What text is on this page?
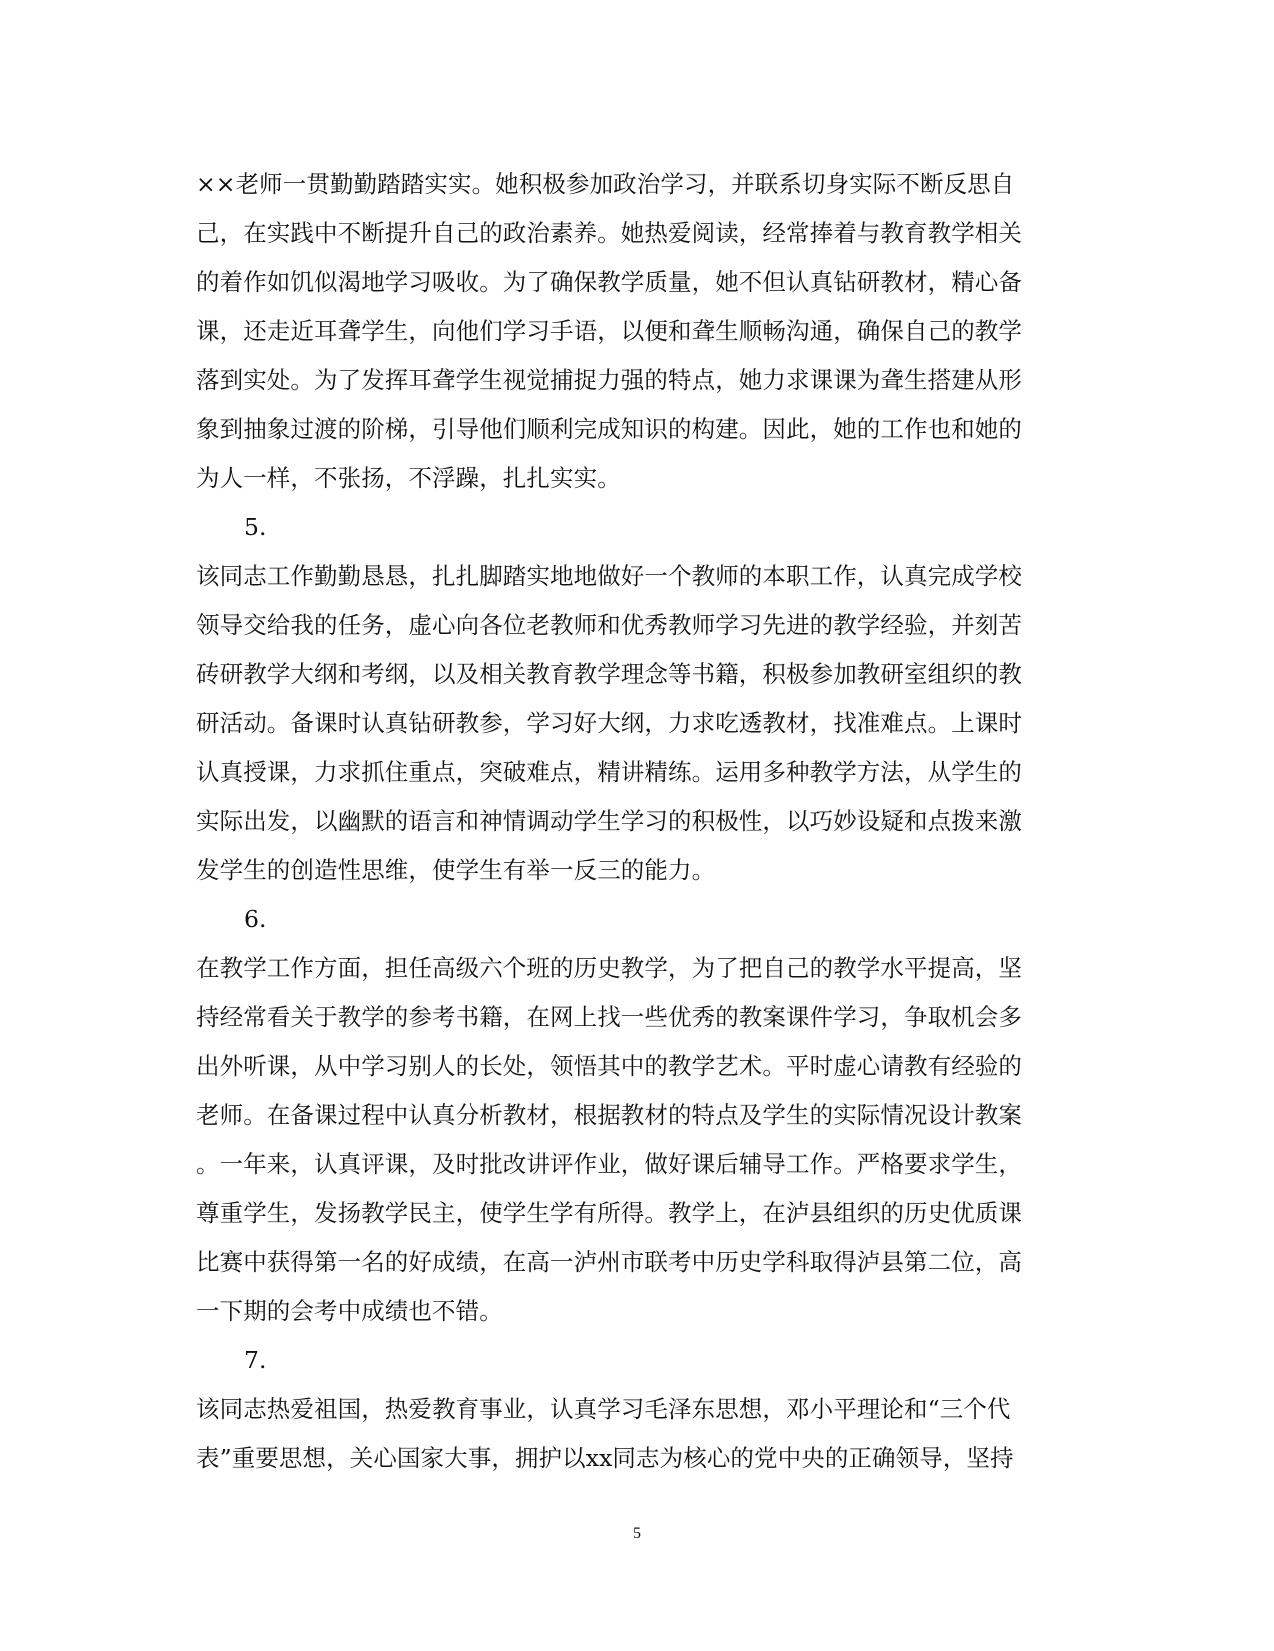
××老师一贯勤勤踏踏实实。她积极参加政治学习，并联系切身实际不断反思自
己，在实践中不断提升自己的政治素养。她热爱阅读，经常捧着与教育教学相关
的着作如饥似渴地学习吸收。为了确保教学质量，她不但认真钻研教材，精心备
课，还走近耳聋学生，向他们学习手语，以便和聋生顺畅沟通，确保自己的教学
落到实处。为了发挥耳聋学生视觉捕捉力强的特点，她力求课课为聋生搭建从形
象到抽象过渡的阶梯，引导他们顺利完成知识的构建。因此，她的工作也和她的
为人一样，不张扬，不浮躁，扎扎实实。
5.
该同志工作勤勤恳恳，扎扎脚踏实地地做好一个教师的本职工作，认真完成学校
领导交给我的任务，虚心向各位老教师和优秀教师学习先进的教学经验，并刻苦
砖研教学大纲和考纲，以及相关教育教学理念等书籍，积极参加教研室组织的教
研活动。备课时认真钻研教参，学习好大纲，力求吃透教材，找准难点。上课时
认真授课，力求抓住重点，突破难点，精讲精练。运用多种教学方法，从学生的
实际出发，以幽默的语言和神情调动学生学习的积极性，以巧妙设疑和点拨来激
发学生的创造性思维，使学生有举一反三的能力。
6.
在教学工作方面，担任高级六个班的历史教学，为了把自己的教学水平提高，坚
持经常看关于教学的参考书籍，在网上找一些优秀的教案课件学习，争取机会多
出外听课，从中学习别人的长处，领悟其中的教学艺术。平时虚心请教有经验的
老师。在备课过程中认真分析教材，根据教材的特点及学生的实际情况设计教案
。一年来，认真评课，及时批改讲评作业，做好课后辅导工作。严格要求学生，
尊重学生，发扬教学民主，使学生学有所得。教学上，在泸县组织的历史优质课
比赛中获得第一名的好成绩，在高一泸州市联考中历史学科取得泸县第二位，高
一下期的会考中成绩也不错。
7.
该同志热爱祖国，热爱教育事业，认真学习毛泽东思想，邓小平理论和“三个代
表”重要思想，关心国家大事，拥护以xx同志为核心的党中央的正确领导，坚持
5
